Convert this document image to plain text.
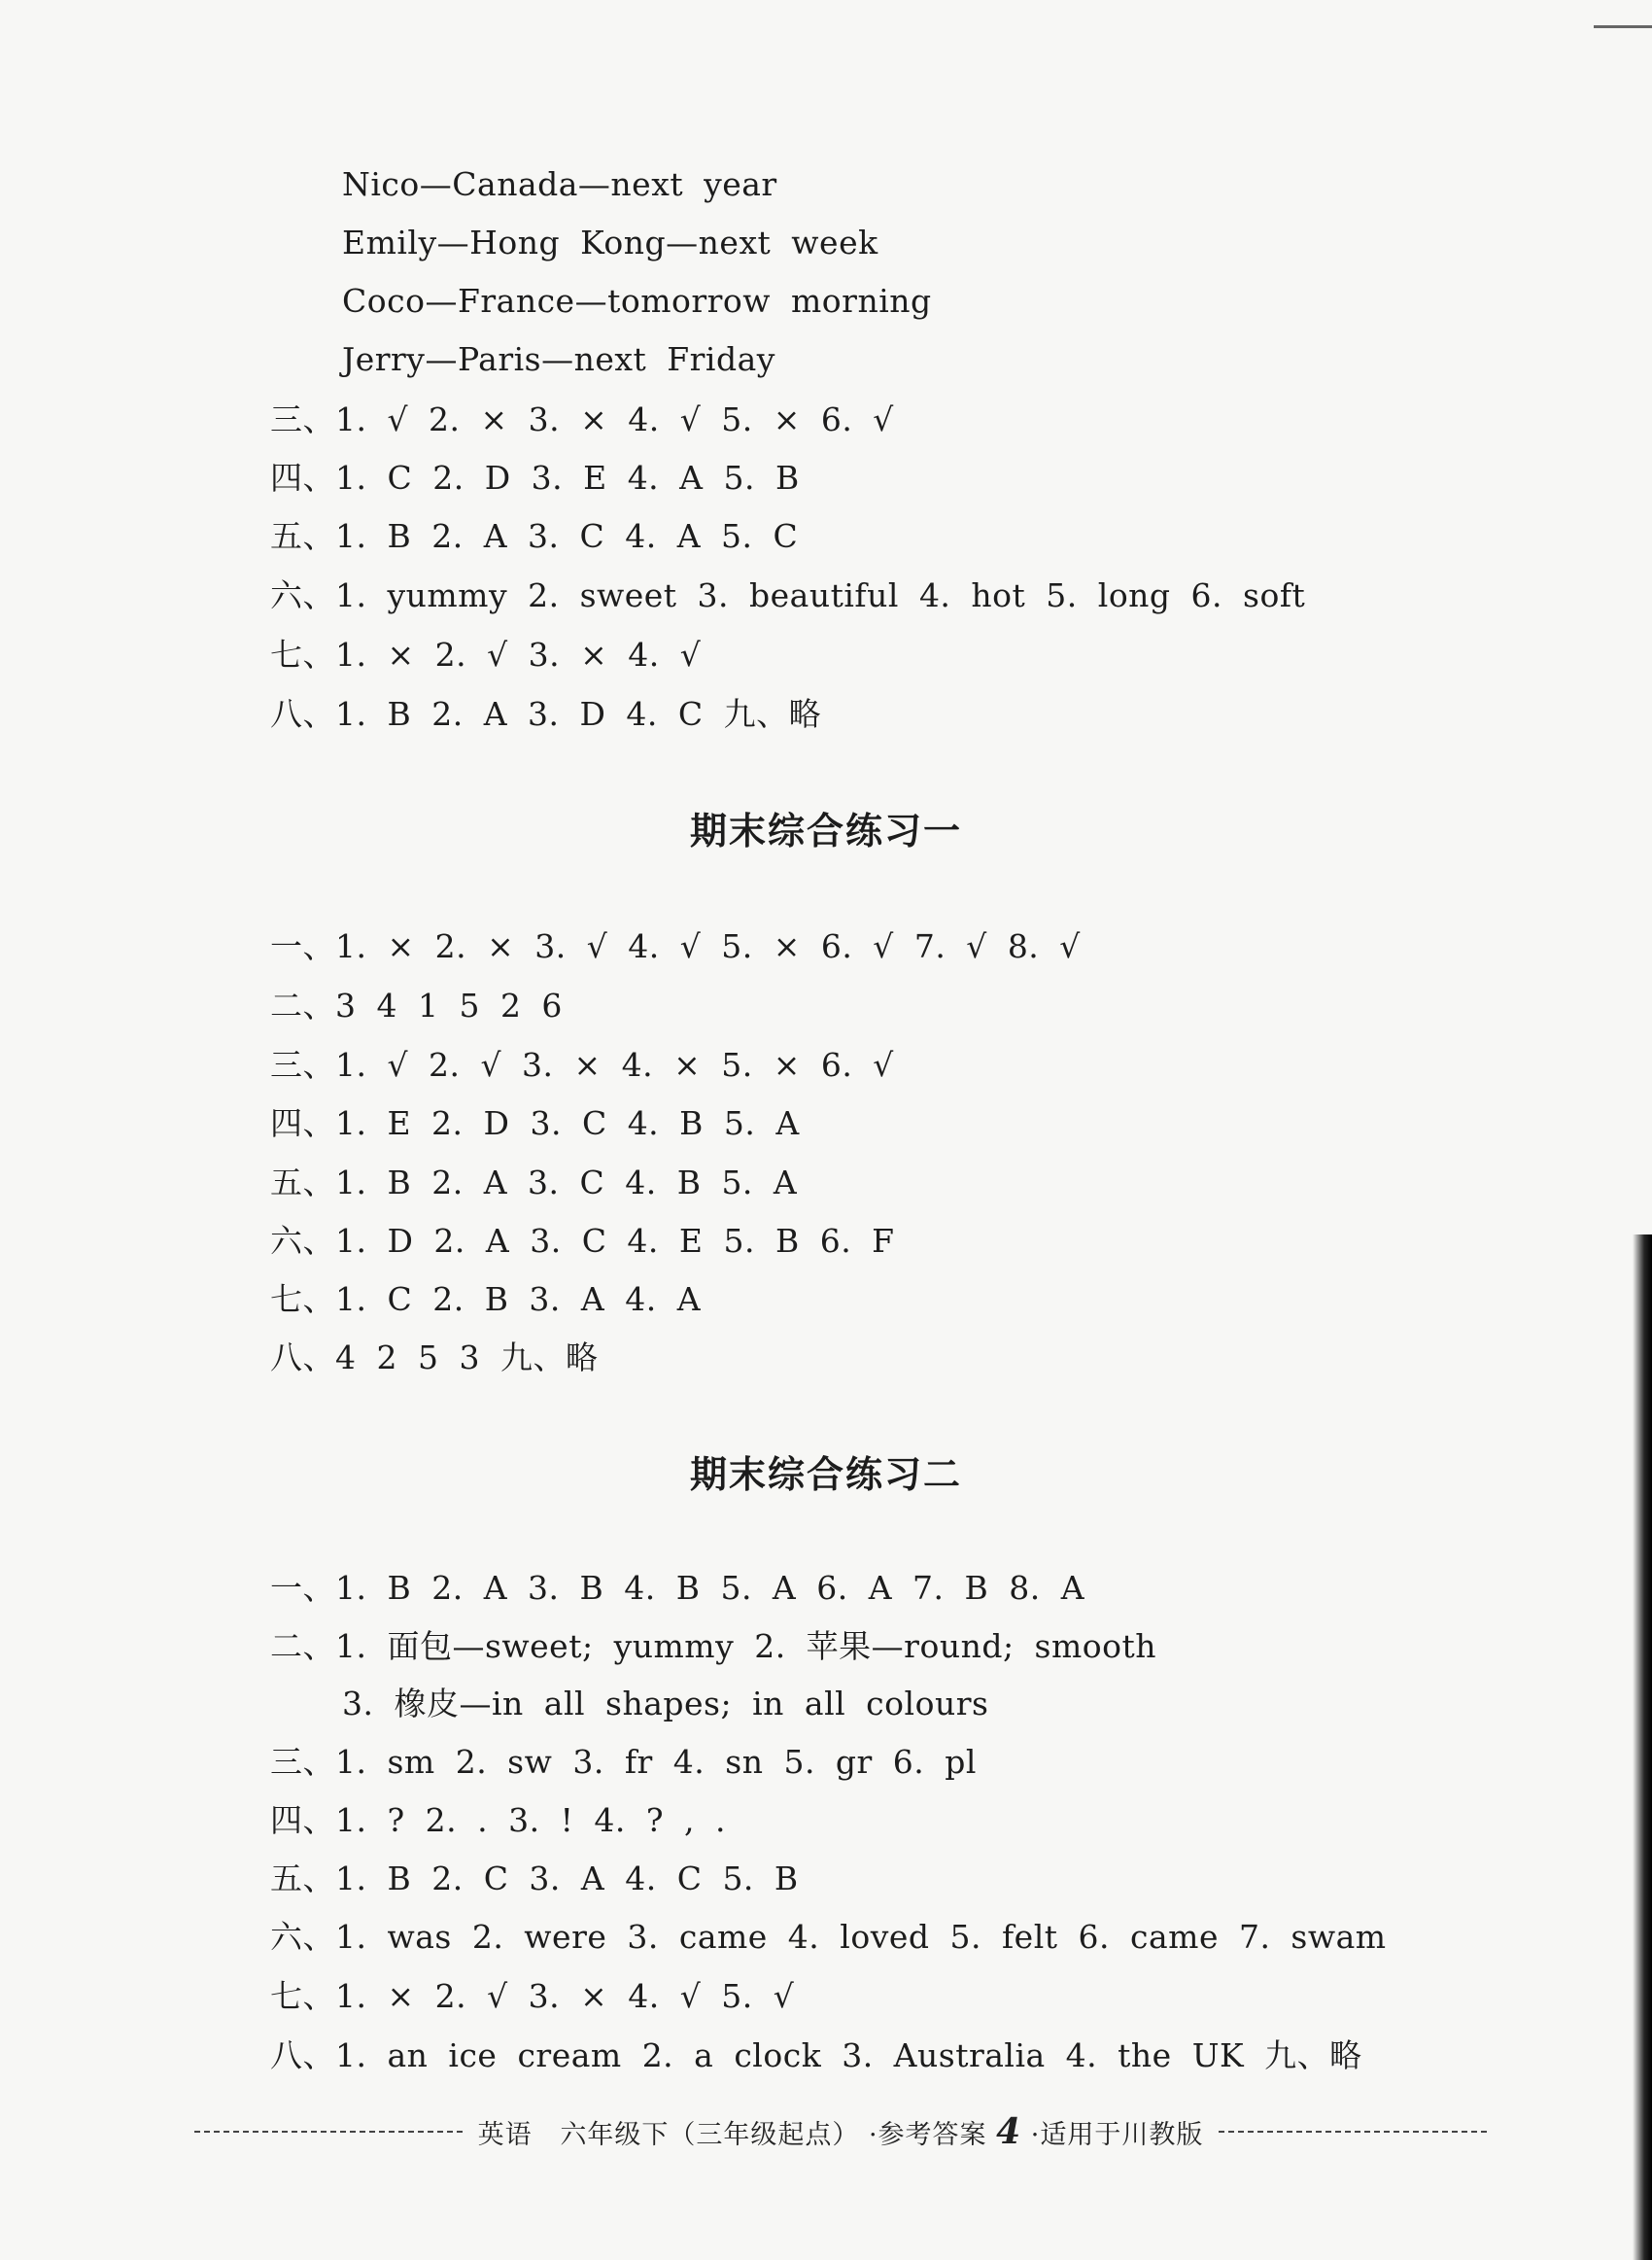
Nico—Canada—next year
Emily—Hong Kong—next week
Coco—France—tomorrow morning
Jerry—Paris—next Friday
三、1. √ 2. × 3. × 4. √ 5. × 6. √
四、1. C 2. D 3. E 4. A 5. B
五、1. B 2. A 3. C 4. A 5. C
六、1. yummy 2. sweet 3. beautiful 4. hot 5. long 6. soft
七、1. × 2. √ 3. × 4. √
八、1. B 2. A 3. D 4. C 九、略
期末综合练习一
一、1. × 2. × 3. √ 4. √ 5. × 6. √ 7. √ 8. √
二、3 4 1 5 2 6
三、1. √ 2. √ 3. × 4. × 5. × 6. √
四、1. E 2. D 3. C 4. B 5. A
五、1. B 2. A 3. C 4. B 5. A
六、1. D 2. A 3. C 4. E 5. B 6. F
七、1. C 2. B 3. A 4. A
八、4 2 5 3 九、略
期末综合练习二
一、1. B 2. A 3. B 4. B 5. A 6. A 7. B 8. A
二、1. 面包—sweet; yummy 2. 苹果—round; smooth
3. 橡皮—in all shapes; in all colours
三、1. sm 2. sw 3. fr 4. sn 5. gr 6. pl
四、1. ? 2. . 3. ! 4. ? , .
五、1. B 2. C 3. A 4. C 5. B
六、1. was 2. were 3. came 4. loved 5. felt 6. came 7. swam
七、1. × 2. √ 3. × 4. √ 5. √
八、1. an ice cream 2. a clock 3. Australia 4. the UK 九、略
英语 六年级下（三年级起点） ·参考答案 4 ·适用于川教版
